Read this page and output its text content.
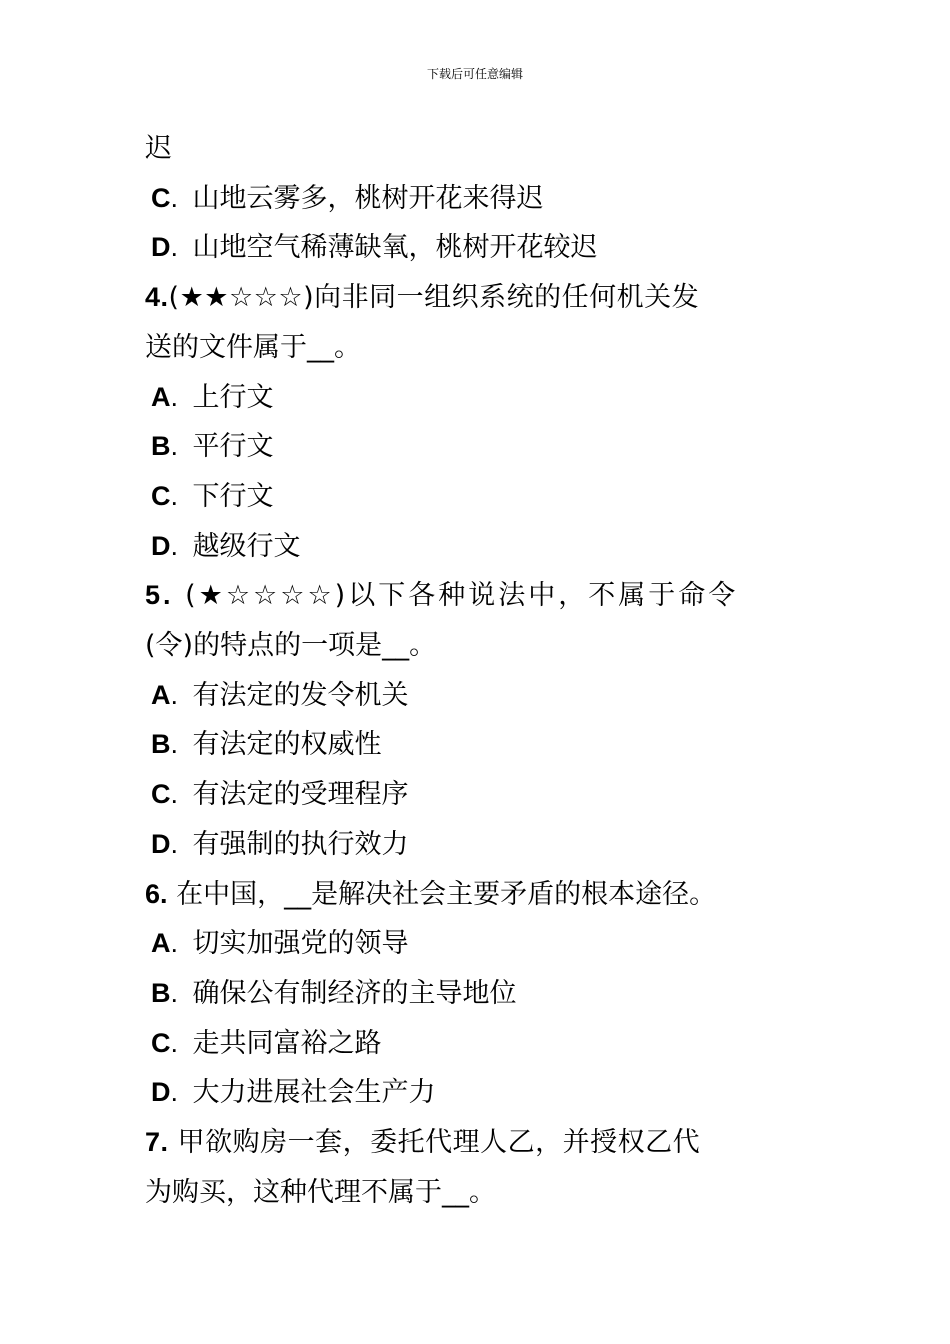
下载后可任意编辑
迟
C. 山地云雾多，桃树开花来得迟
D. 山地空气稀薄缺氧，桃树开花较迟
4.(★★☆☆☆)向非同一组织系统的任何机关发
送的文件属于__。
A. 上行文
B. 平行文
C. 下行文
D. 越级行文
5. (★☆☆☆☆)以下各种说法中，不属于命令
(令)的特点的一项是__。
A. 有法定的发令机关
B. 有法定的权威性
C. 有法定的受理程序
D. 有强制的执行效力
6. 在中国，__是解决社会主要矛盾的根本途径。
A. 切实加强党的领导
B. 确保公有制经济的主导地位
C. 走共同富裕之路
D. 大力进展社会生产力
7. 甲欲购房一套，委托代理人乙，并授权乙代
为购买，这种代理不属于__。
